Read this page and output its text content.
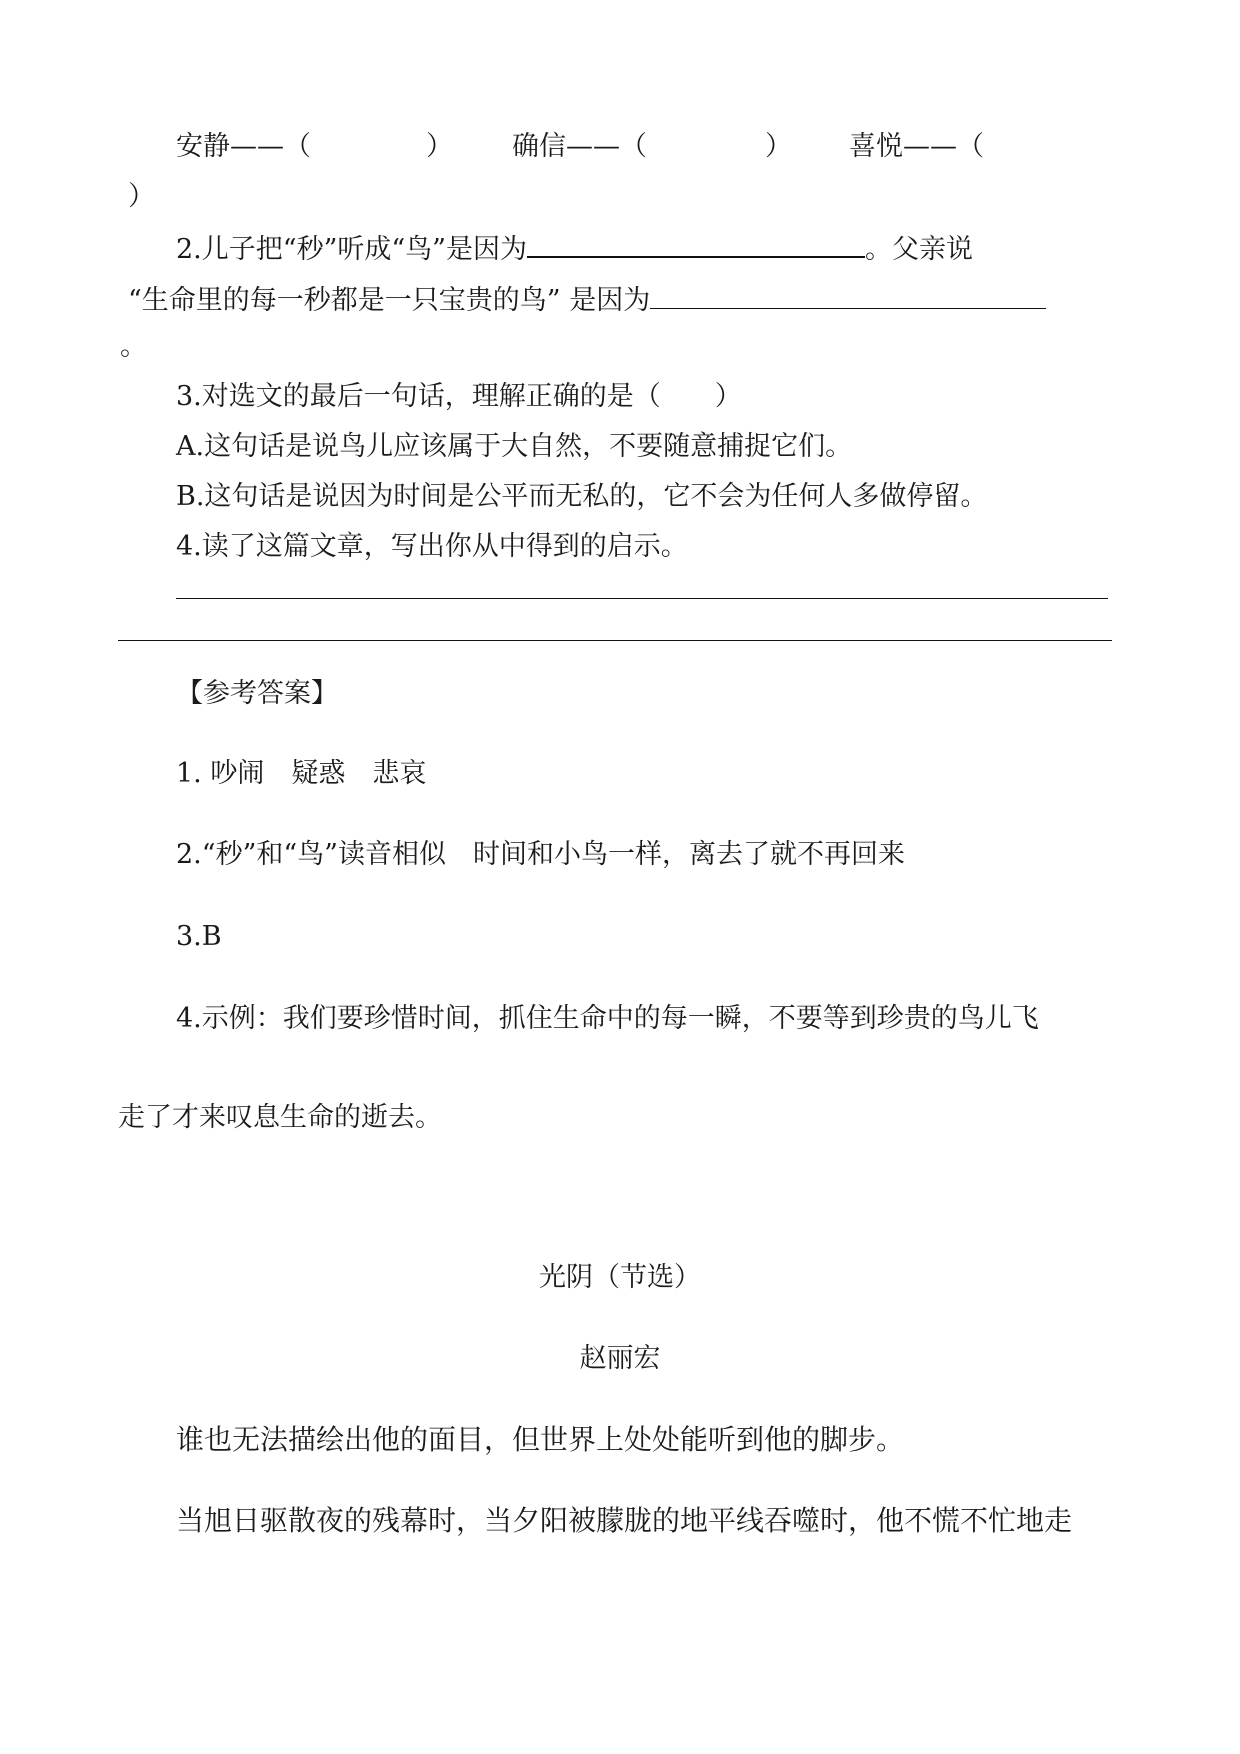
安静——（	） 确信——（	） 喜悦——（
）
2.儿子把“秒”听成“鸟”是因为	。父亲说
“生命里的每一秒都是一只宝贵的鸟” 是因为
。
3.对选文的最后一句话，理解正确的是（　　）
A.这句话是说鸟儿应该属于大自然，不要随意捕捉它们。
B.这句话是说因为时间是公平而无私的，它不会为任何人多做停留。
4.读了这篇文章，写出你从中得到的启示。
【参考答案】
1. 吵闹　疑惑　悲哀
2.“秒”和“鸟”读音相似　时间和小鸟一样，离去了就不再回来
3.B
4.示例：我们要珍惜时间，抓住生命中的每一瞬，不要等到珍贵的鸟儿飞
走了才来叹息生命的逝去。
光阴（节选）
赵丽宏
谁也无法描绘出他的面目，但世界上处处能听到他的脚步。
当旭日驱散夜的残幕时，当夕阳被朦胧的地平线吞噬时，他不慌不忙地走
